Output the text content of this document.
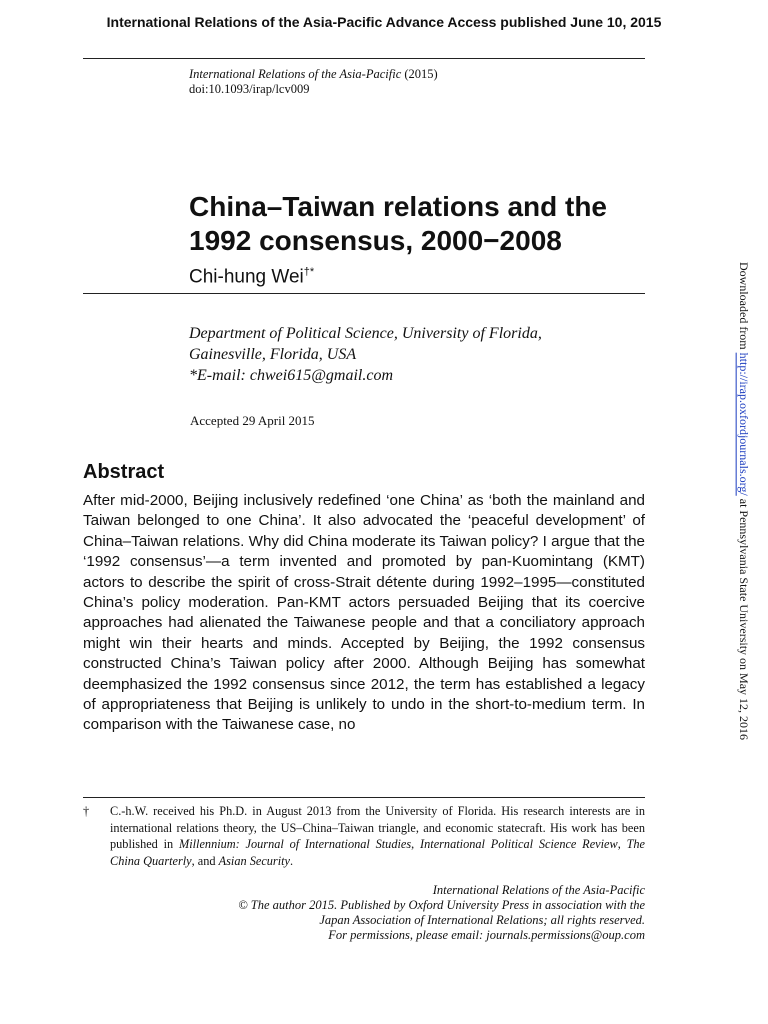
International Relations of the Asia-Pacific Advance Access published June 10, 2015
International Relations of the Asia-Pacific (2015)
doi:10.1093/irap/lcv009
China–Taiwan relations and the
1992 consensus, 2000−2008
Chi-hung Wei†*
Department of Political Science, University of Florida,
Gainesville, Florida, USA
*E-mail: chwei615@gmail.com
Accepted 29 April 2015
Abstract
After mid-2000, Beijing inclusively redefined ‘one China’ as ‘both the mainland and Taiwan belonged to one China’. It also advocated the ‘peaceful development’ of China–Taiwan relations. Why did China moderate its Taiwan policy? I argue that the ‘1992 consensus’—a term invented and promoted by pan-Kuomintang (KMT) actors to describe the spirit of cross-Strait détente during 1992–1995—constituted China’s policy moderation. Pan-KMT actors persuaded Beijing that its coercive approaches had alienated the Taiwanese people and that a conciliatory approach might win their hearts and minds. Accepted by Beijing, the 1992 consensus constructed China’s Taiwan policy after 2000. Although Beijing has somewhat deemphasized the 1992 consensus since 2012, the term has established a legacy of appropriateness that Beijing is unlikely to undo in the short-to-medium term. In comparison with the Taiwanese case, no
† C.-h.W. received his Ph.D. in August 2013 from the University of Florida. His research interests are in international relations theory, the US–China–Taiwan triangle, and economic statecraft. His work has been published in Millennium: Journal of International Studies, International Political Science Review, The China Quarterly, and Asian Security.
International Relations of the Asia-Pacific
© The author 2015. Published by Oxford University Press in association with the
Japan Association of International Relations; all rights reserved.
For permissions, please email: journals.permissions@oup.com
Downloaded from http://irap.oxfordjournals.org/ at Pennsylvania State University on May 12, 2016
